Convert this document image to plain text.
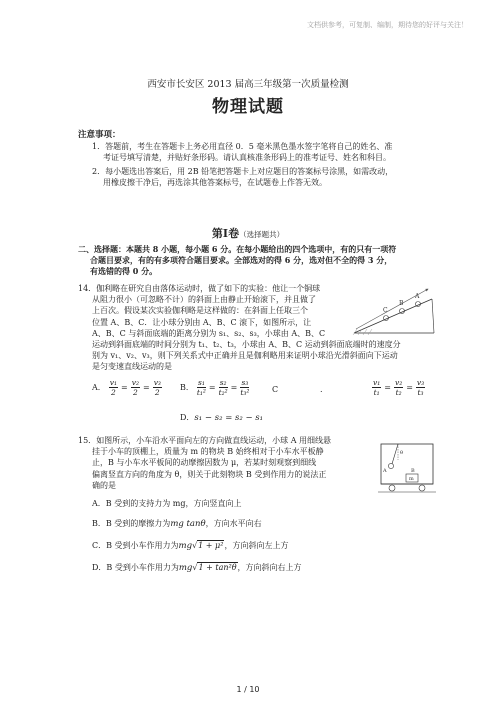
文档供参考，可复制、编制，期待您的好评与关注！
西安市长安区 2013 届高三年级第一次质量检测
物理试题
注意事项：
1．答题前，考生在答题卡上务必用直径 0．5 毫米黑色墨水签字笔将自己的姓名、准
考证号填写清楚，并贴好条形码。请认真核准条形码上的准考证号、姓名和科目。
2．每小题选出答案后，用 2B 铅笔把答题卡上对应题目的答案标号涂黑，如需改动，
用橡皮擦干净后，再选涂其他答案标号，在试题卷上作答无效。
第Ⅰ卷（选择题共）
二、选择题：本题共 8 小题，每小题 6 分。在每小题给出的四个选项中，有的只有一项符
合题目要求，有的有多项符合题目要求。全部选对的得 6 分，选对但不全的得 3 分，
有选错的得 0 分。
14．伽利略在研究自由落体运动时，做了如下的实验：他让一个铜球
从阻力很小（可忽略不计）的斜面上由静止开始滚下，并且做了
上百次。假设某次实验伽利略是这样做的：在斜面上任取三个
位置 A、B、C．让小球分别由 A、B、C 滚下，如图所示，让
A、B、C 与斜面底端的距离分别为 s₁、s₂、s₃，小球由 A、B、C
运动到斜面底端的时间分别为 t₁、t₂、t₃，小球由 A、B、C 运动到斜面底端时的速度分
别为 v₁、v₂、v₃，则下列关系式中正确并且是伽利略用来证明小球沿光滑斜面向下运动
是匀变速直线运动的是
C
B
A
A． $\frac{\text{v₁}}{2} = \frac{\text{v₂}}{2} = \frac{\text{v₃}}{2}$ B． $\frac{\text{s₁}}{\text{t₁²}} = \frac{\text{s₂}}{\text{t₂²}} = \frac{\text{s₃}}{\text{t₃²}}$	C	.	$\frac{\text{v₁}}{\text{t₁}} = \frac{\text{v₂}}{\text{t₂}} = \frac{\text{v₃}}{\text{t₃}}$
D．s₁ − s₂ = s₂ − s₁
15．如图所示，小车沿水平面向左的方向做直线运动，小球 A 用细线悬
挂于小车的顶棚上，质量为 m 的物块 B 始终相对于小车水平板静
止，B 与小车水平板间的动摩擦因数为 μ，若某时刻观察到细线
偏离竖直方向的角度为 θ，则关于此刻物块 B 受到作用力的说法正
确的是
θ
A
m
B
A．B 受到的支持力为 mg，方向竖直向上
B．B 受到的摩擦力为mg tanθ，方向水平向右
C．B 受到小车作用力为mg√1 + μ²，方向斜向左上方
D．B 受到小车作用力为mg√1 + tan²θ，方向斜向右上方
1 / 10
